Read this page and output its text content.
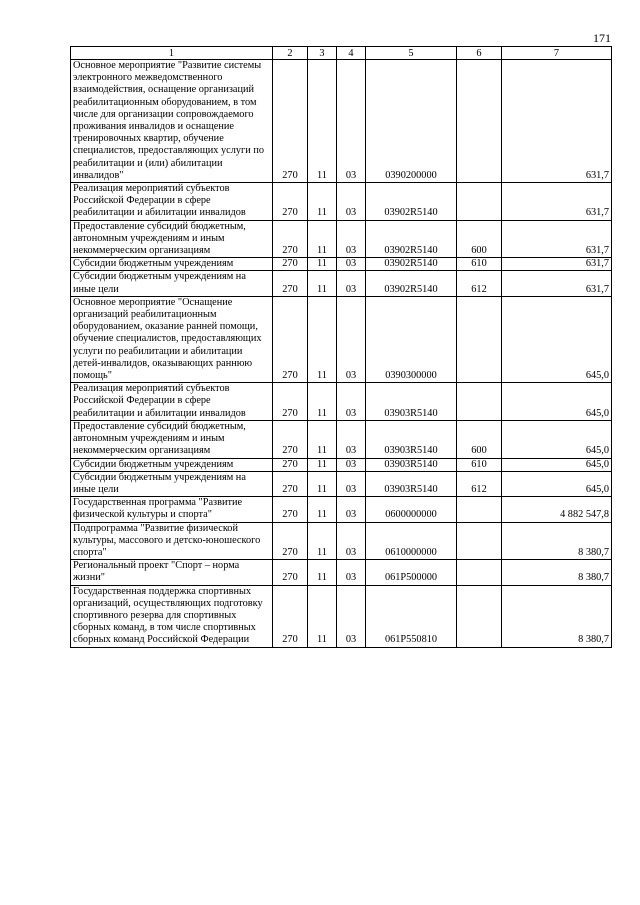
171
1	2	3	4	5	6	7
Основное мероприятие "Развитие системы электронного межведомственного взаимодействия, оснащение организаций реабилитационным оборудованием, в том числе для организации сопровождаемого проживания инвалидов и оснащение тренировочных квартир, обучение специалистов, предоставляющих услуги по реабилитации и (или) абилитации инвалидов"	270	11	03	0390200000		631,7
Реализация мероприятий субъектов Российской Федерации в сфере реабилитации и абилитации инвалидов	270	11	03	03902R5140		631,7
Предоставление субсидий бюджетным, автономным учреждениям и иным некоммерческим организациям	270	11	03	03902R5140	600	631,7
Субсидии бюджетным учреждениям	270	11	03	03902R5140	610	631,7
Субсидии бюджетным учреждениям на иные цели	270	11	03	03902R5140	612	631,7
Основное мероприятие "Оснащение организаций реабилитационным оборудованием, оказание ранней помощи, обучение специалистов, предоставляющих услуги по реабилитации и абилитации детей-инвалидов, оказывающих раннюю помощь"	270	11	03	0390300000		645,0
Реализация мероприятий субъектов Российской Федерации в сфере реабилитации и абилитации инвалидов	270	11	03	03903R5140		645,0
Предоставление субсидий бюджетным, автономным учреждениям и иным некоммерческим организациям	270	11	03	03903R5140	600	645,0
Субсидии бюджетным учреждениям	270	11	03	03903R5140	610	645,0
Субсидии бюджетным учреждениям на иные цели	270	11	03	03903R5140	612	645,0
Государственная программа "Развитие физической культуры и спорта"	270	11	03	0600000000		4 882 547,8
Подпрограмма "Развитие физической культуры, массового и детско-юношеского спорта"	270	11	03	0610000000		8 380,7
Региональный проект "Спорт – норма жизни"	270	11	03	061P500000		8 380,7
Государственная поддержка спортивных организаций, осуществляющих подготовку спортивного резерва для спортивных сборных команд, в том числе спортивных сборных команд Российской Федерации	270	11	03	061P550810		8 380,7
